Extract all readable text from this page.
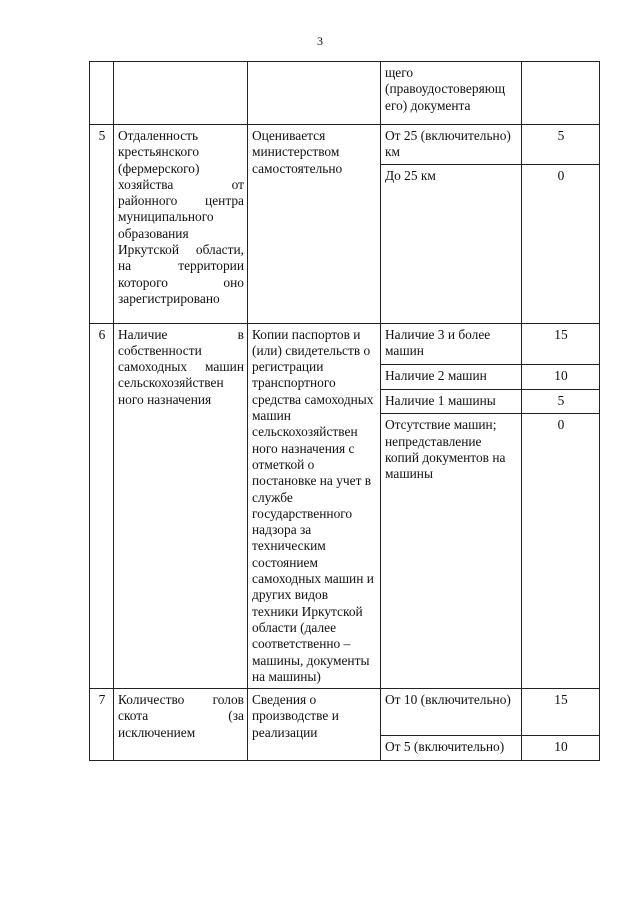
3
			щего (правоудостоверяющ его) документа	
5	Отдаленность крестьянского (фермерского) хозяйства от районного центра муниципального образования Иркутской области, на территории которого оно зарегистрировано	Оценивается министерством самостоятельно	От 25 (включительно) км	5
			До 25 км	0
6	Наличие в собственности самоходных машин сельскохозяйствен ного назначения	Копии паспортов и (или) свидетельств о регистрации транспортного средства самоходных машин сельскохозяйствен ного назначения с отметкой о постановке на учет в службе государственного надзора за техническим состоянием самоходных машин и других видов техники Иркутской области (далее соответственно – машины, документы на машины)	Наличие 3 и более машин	15
			Наличие 2 машин	10
			Наличие 1 машины	5
			Отсутствие машин; непредставление копий документов на машины	0
7	Количество голов скота (за исключением	Сведения о производстве и реализации	От 10 (включительно)	15
			От 5 (включительно)	10
